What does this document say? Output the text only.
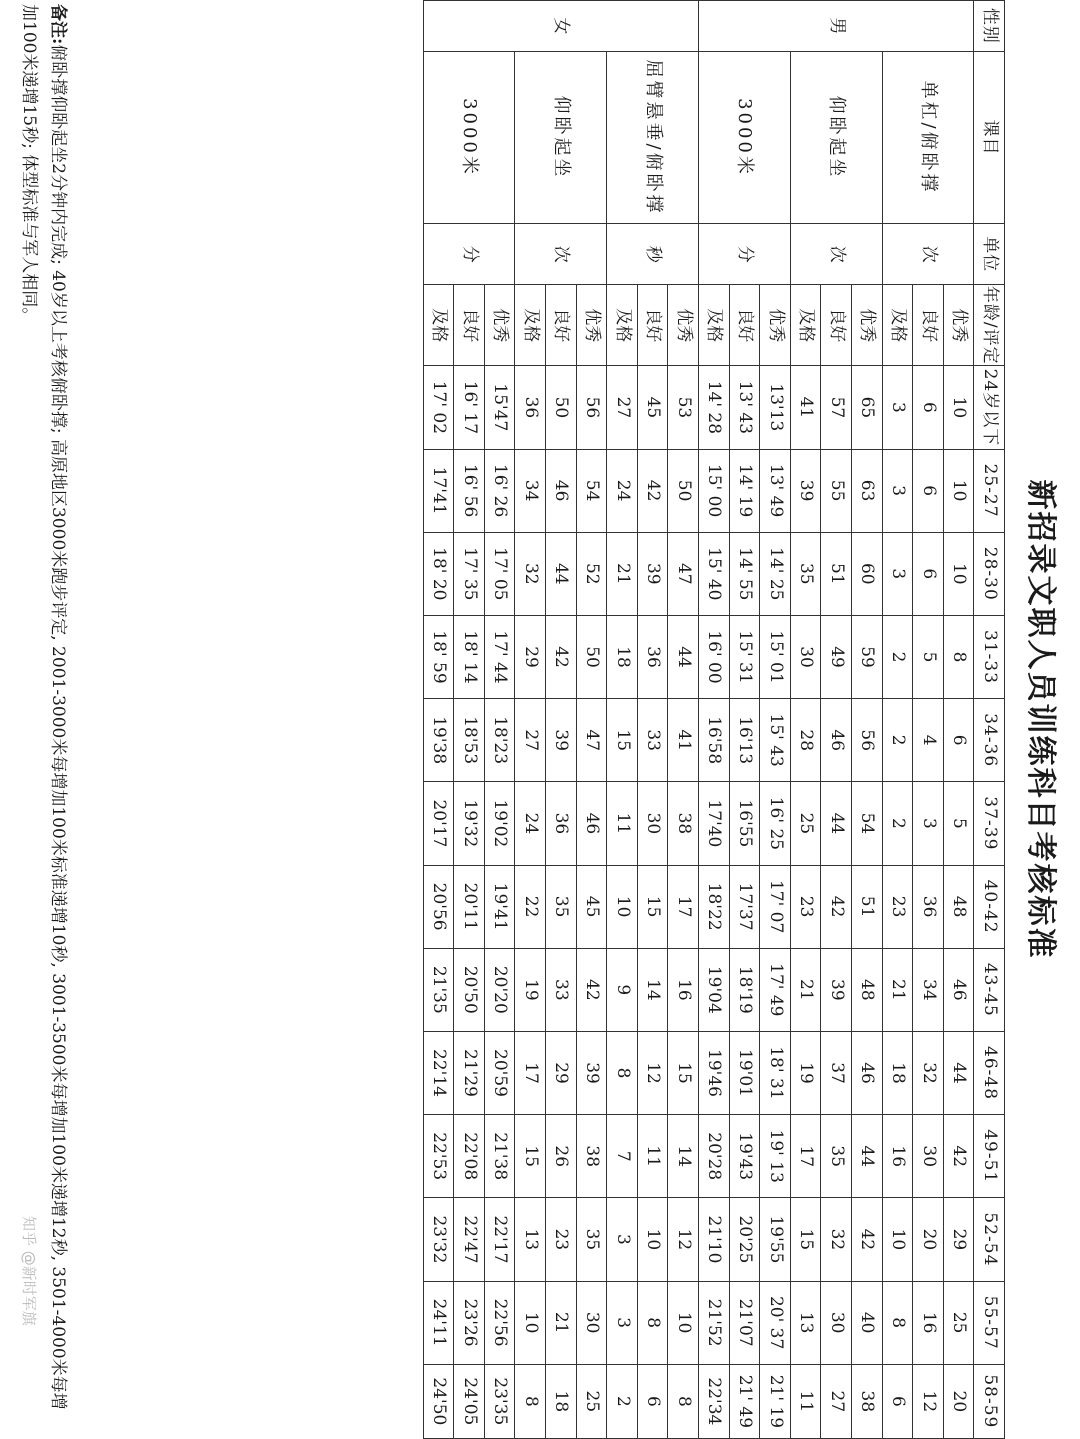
新招录文职人员训练科目考核标准
性别	课目	单位	年龄/评定	24岁以下	25-27	28-30	31-33	34-36	37-39	40-42	43-45	46-48	49-51	52-54	55-57	58-59
男	单杠/俯卧撑	次	优秀	10	10	10	8	6	5	48	46	44	42	29	25	20
			良好	6	6	6	5	4	3	36	34	32	30	20	16	12
			及格	3	3	3	2	2	2	23	21	18	16	10	8	6
	仰卧起坐	次	优秀	65	63	60	59	56	54	51	48	46	44	42	40	38
			良好	57	55	51	49	46	44	42	39	37	35	32	30	27
			及格	41	39	35	30	28	25	23	21	19	17	15	13	11
	3000米	分	优秀	13'13	13' 49	14' 25	15' 01	15' 43	16' 25	17' 07	17' 49	18' 31	19' 13	19'55	20' 37	21' 19
			良好	13' 43	14' 19	14' 55	15' 31	16'13	16'55	17'37	18'19	19'01	19'43	20'25	21'07	21' 49
			及格	14' 28	15' 00	15' 40	16' 00	16'58	17'40	18'22	19'04	19'46	20'28	21'10	21'52	22'34
女	屈臂悬垂/俯卧撑	秒	优秀	53	50	47	44	41	38	17	16	15	14	12	10	8
			良好	45	42	39	36	33	30	15	14	12	11	10	8	6
			及格	27	24	21	18	15	11	10	9	8	7	3	3	2
	仰卧起坐	次	优秀	56	54	52	50	47	46	45	42	39	38	35	30	25
			良好	50	46	44	42	39	36	35	33	29	26	23	21	18
			及格	36	34	32	29	27	24	22	19	17	15	13	10	8
	3000米	分	优秀	15'47	16' 26	17' 05	17' 44	18'23	19'02	19'41	20'20	20'59	21'38	22'17	22'56	23'35
			良好	16' 17	16' 56	17' 35	18' 14	18'53	19'32	20'11	20'50	21'29	22'08	22'47	23'26	24'05
			及格	17' 02	17'41	18' 20	18' 59	19'38	20'17	20'56	21'35	22'14	22'53	23'32	24'11	24'50
备注:俯卧撑仰卧起坐2分钟内完成; 40岁以上考核俯卧撑; 高原地区3000米跑步评定, 2001-3000米每增加100米标准递增10秒, 3001-3500米每增加100米递增12秒, 3501-4000米每增加100米递增15秒; 体型标准与军人相同。
知乎 @新时军旗
